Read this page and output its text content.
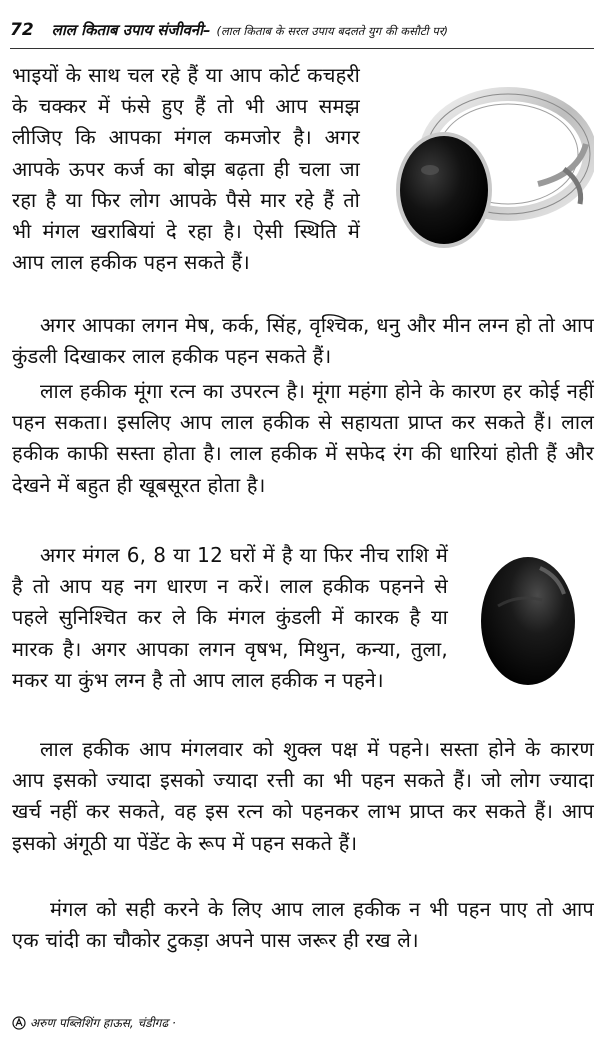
72 लाल किताब उपाय संजीवनी– (लाल किताब के सरल उपाय बदलते युग की कसौटी पर)

भाइयों के साथ चल रहे हैं या आप कोर्ट कचहरी के चक्कर में फंसे हुए हैं तो भी आप समझ लीजिए कि आपका मंगल कमजोर है। अगर आपके ऊपर कर्ज का बोझ बढ़ता ही चला जा रहा है या फिर लोग आपके पैसे मार रहे हैं तो भी मंगल खराबियां दे रहा है। ऐसी स्थिति में आप लाल हकीक पहन सकते हैं।

अगर आपका लगन मेष, कर्क, सिंह, वृश्चिक, धनु और मीन लग्न हो तो आप कुंडली दिखाकर लाल हकीक पहन सकते हैं।

लाल हकीक मूंगा रत्न का उपरत्न है। मूंगा महंगा होने के कारण हर कोई नहीं पहन सकता। इसलिए आप लाल हकीक से सहायता प्राप्त कर सकते हैं। लाल हकीक काफी सस्ता होता है। लाल हकीक में सफेद रंग की धारियां होती हैं और देखने में बहुत ही खूबसूरत होता है।

अगर मंगल 6, 8 या 12 घरों में है या फिर नीच राशि में है तो आप यह नग धारण न करें। लाल हकीक पहनने से पहले सुनिश्चित कर ले कि मंगल कुंडली में कारक है या मारक है। अगर आपका लगन वृषभ, मिथुन, कन्या, तुला, मकर या कुंभ लग्न है तो आप लाल हकीक न पहने।

लाल हकीक आप मंगलवार को शुक्ल पक्ष में पहने। सस्ता होने के कारण आप इसको ज्यादा इसको ज्यादा रत्ती का भी पहन सकते हैं। जो लोग ज्यादा खर्च नहीं कर सकते, वह इस रत्न को पहनकर लाभ प्राप्त कर सकते हैं। आप इसको अंगूठी या पेंडेंट के रूप में पहन सकते हैं।

मंगल को सही करने के लिए आप लाल हकीक न भी पहन पाए तो आप एक चांदी का चौकोर टुकड़ा अपने पास जरूर ही रख ले।

अरुण पब्लिशिंग हाऊस, चंडीगढ ·
